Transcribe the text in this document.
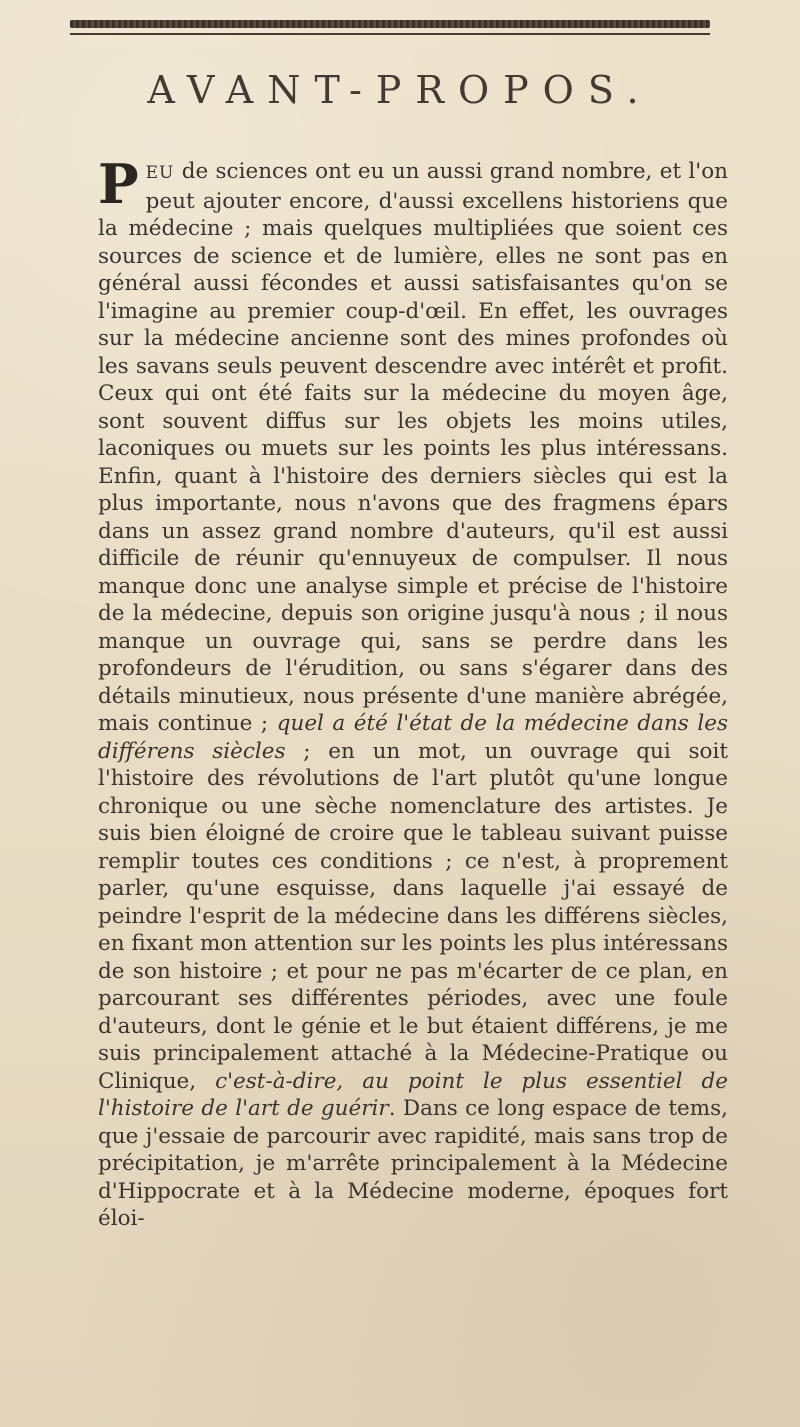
AVANT-PROPOS.

P EU de sciences ont eu un aussi grand nombre, et l'on peut ajouter encore, d'aussi excellens historiens que la médecine ; mais quelques multipliées que soient ces sources de science et de lumière, elles ne sont pas en général aussi fécondes et aussi satisfaisantes qu'on se l'imagine au premier coup-d'œil. En effet, les ouvrages sur la médecine ancienne sont des mines profondes où les savans seuls peuvent descendre avec intérêt et profit. Ceux qui ont été faits sur la médecine du moyen âge, sont souvent diffus sur les objets les moins utiles, laconiques ou muets sur les points les plus intéressans. Enfin, quant à l'histoire des derniers siècles qui est la plus importante, nous n'avons que des fragmens épars dans un assez grand nombre d'auteurs, qu'il est aussi difficile de réunir qu'ennuyeux de compulser. Il nous manque donc une analyse simple et précise de l'histoire de la médecine, depuis son origine jusqu'à nous ; il nous manque un ouvrage qui, sans se perdre dans les profondeurs de l'érudition, ou sans s'égarer dans des détails minutieux, nous présente d'une manière abrégée, mais continue ; quel a été l'état de la médecine dans les différens siècles ; en un mot, un ouvrage qui soit l'histoire des révolutions de l'art plutôt qu'une longue chronique ou une sèche nomenclature des artistes. Je suis bien éloigné de croire que le tableau suivant puisse remplir toutes ces conditions ; ce n'est, à proprement parler, qu'une esquisse, dans laquelle j'ai essayé de peindre l'esprit de la médecine dans les différens siècles, en fixant mon attention sur les points les plus intéressans de son histoire ; et pour ne pas m'écarter de ce plan, en parcourant ses différentes périodes, avec une foule d'auteurs, dont le génie et le but étaient différens, je me suis principalement attaché à la Médecine-Pratique ou Clinique, c'est-à-dire, au point le plus essentiel de l'histoire de l'art de guérir. Dans ce long espace de tems, que j'essaie de parcourir avec rapidité, mais sans trop de précipitation, je m'arrête principalement à la Médecine d'Hippocrate et à la Médecine moderne, époques fort éloi-
